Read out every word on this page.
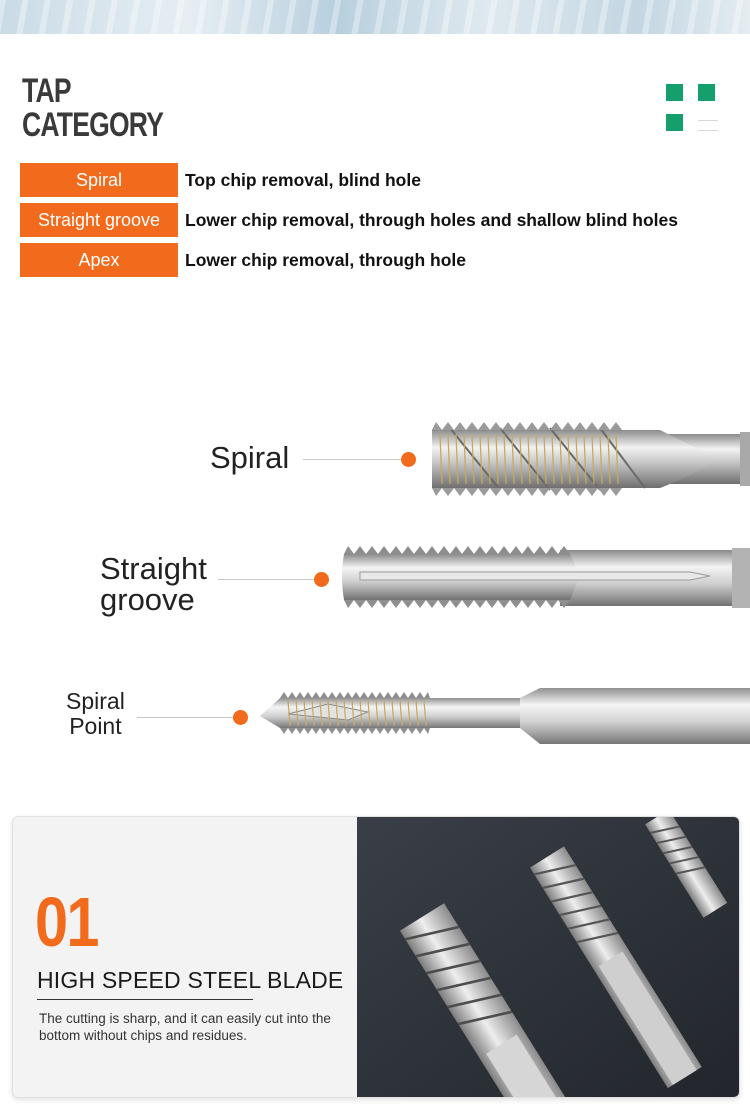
TAP
CATEGORY
Spiral	Top chip removal, blind hole
Straight groove	Lower chip removal, through holes and shallow blind holes
Apex	Lower chip removal, through hole
Spiral
Straight
groove
Spiral
Point
01
HIGH SPEED STEEL BLADE
The cutting is sharp, and it can easily cut into the bottom without chips and residues.
